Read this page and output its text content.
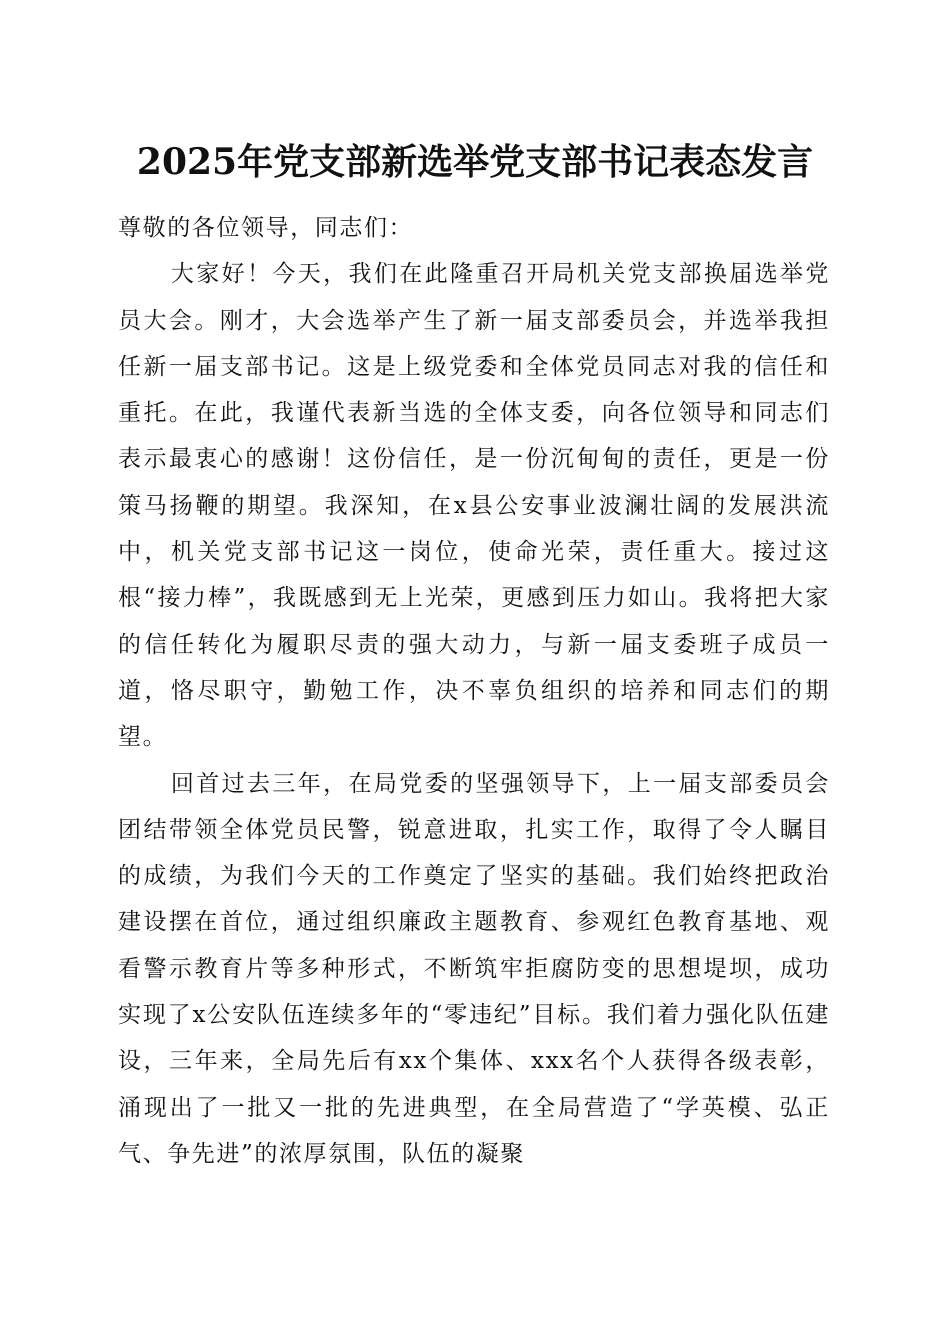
2025年党支部新选举党支部书记表态发言

尊敬的各位领导，同志们：

大家好！今天，我们在此隆重召开局机关党支部换届选举党员大会。刚才，大会选举产生了新一届支部委员会，并选举我担任新一届支部书记。这是上级党委和全体党员同志对我的信任和重托。在此，我谨代表新当选的全体支委，向各位领导和同志们表示最衷心的感谢！这份信任，是一份沉甸甸的责任，更是一份策马扬鞭的期望。我深知，在x县公安事业波澜壮阔的发展洪流中，机关党支部书记这一岗位，使命光荣，责任重大。接过这根“接力棒”，我既感到无上光荣，更感到压力如山。我将把大家的信任转化为履职尽责的强大动力，与新一届支委班子成员一道，恪尽职守，勤勉工作，决不辜负组织的培养和同志们的期望。

回首过去三年，在局党委的坚强领导下，上一届支部委员会团结带领全体党员民警，锐意进取，扎实工作，取得了令人瞩目的成绩，为我们今天的工作奠定了坚实的基础。我们始终把政治建设摆在首位，通过组织廉政主题教育、参观红色教育基地、观看警示教育片等多种形式，不断筑牢拒腐防变的思想堤坝，成功实现了x公安队伍连续多年的“零违纪”目标。我们着力强化队伍建设，三年来，全局先后有xx个集体、xxx名个人获得各级表彰，涌现出了一批又一批的先进典型，在全局营造了“学英模、弘正气、争先进”的浓厚氛围，队伍的凝聚
